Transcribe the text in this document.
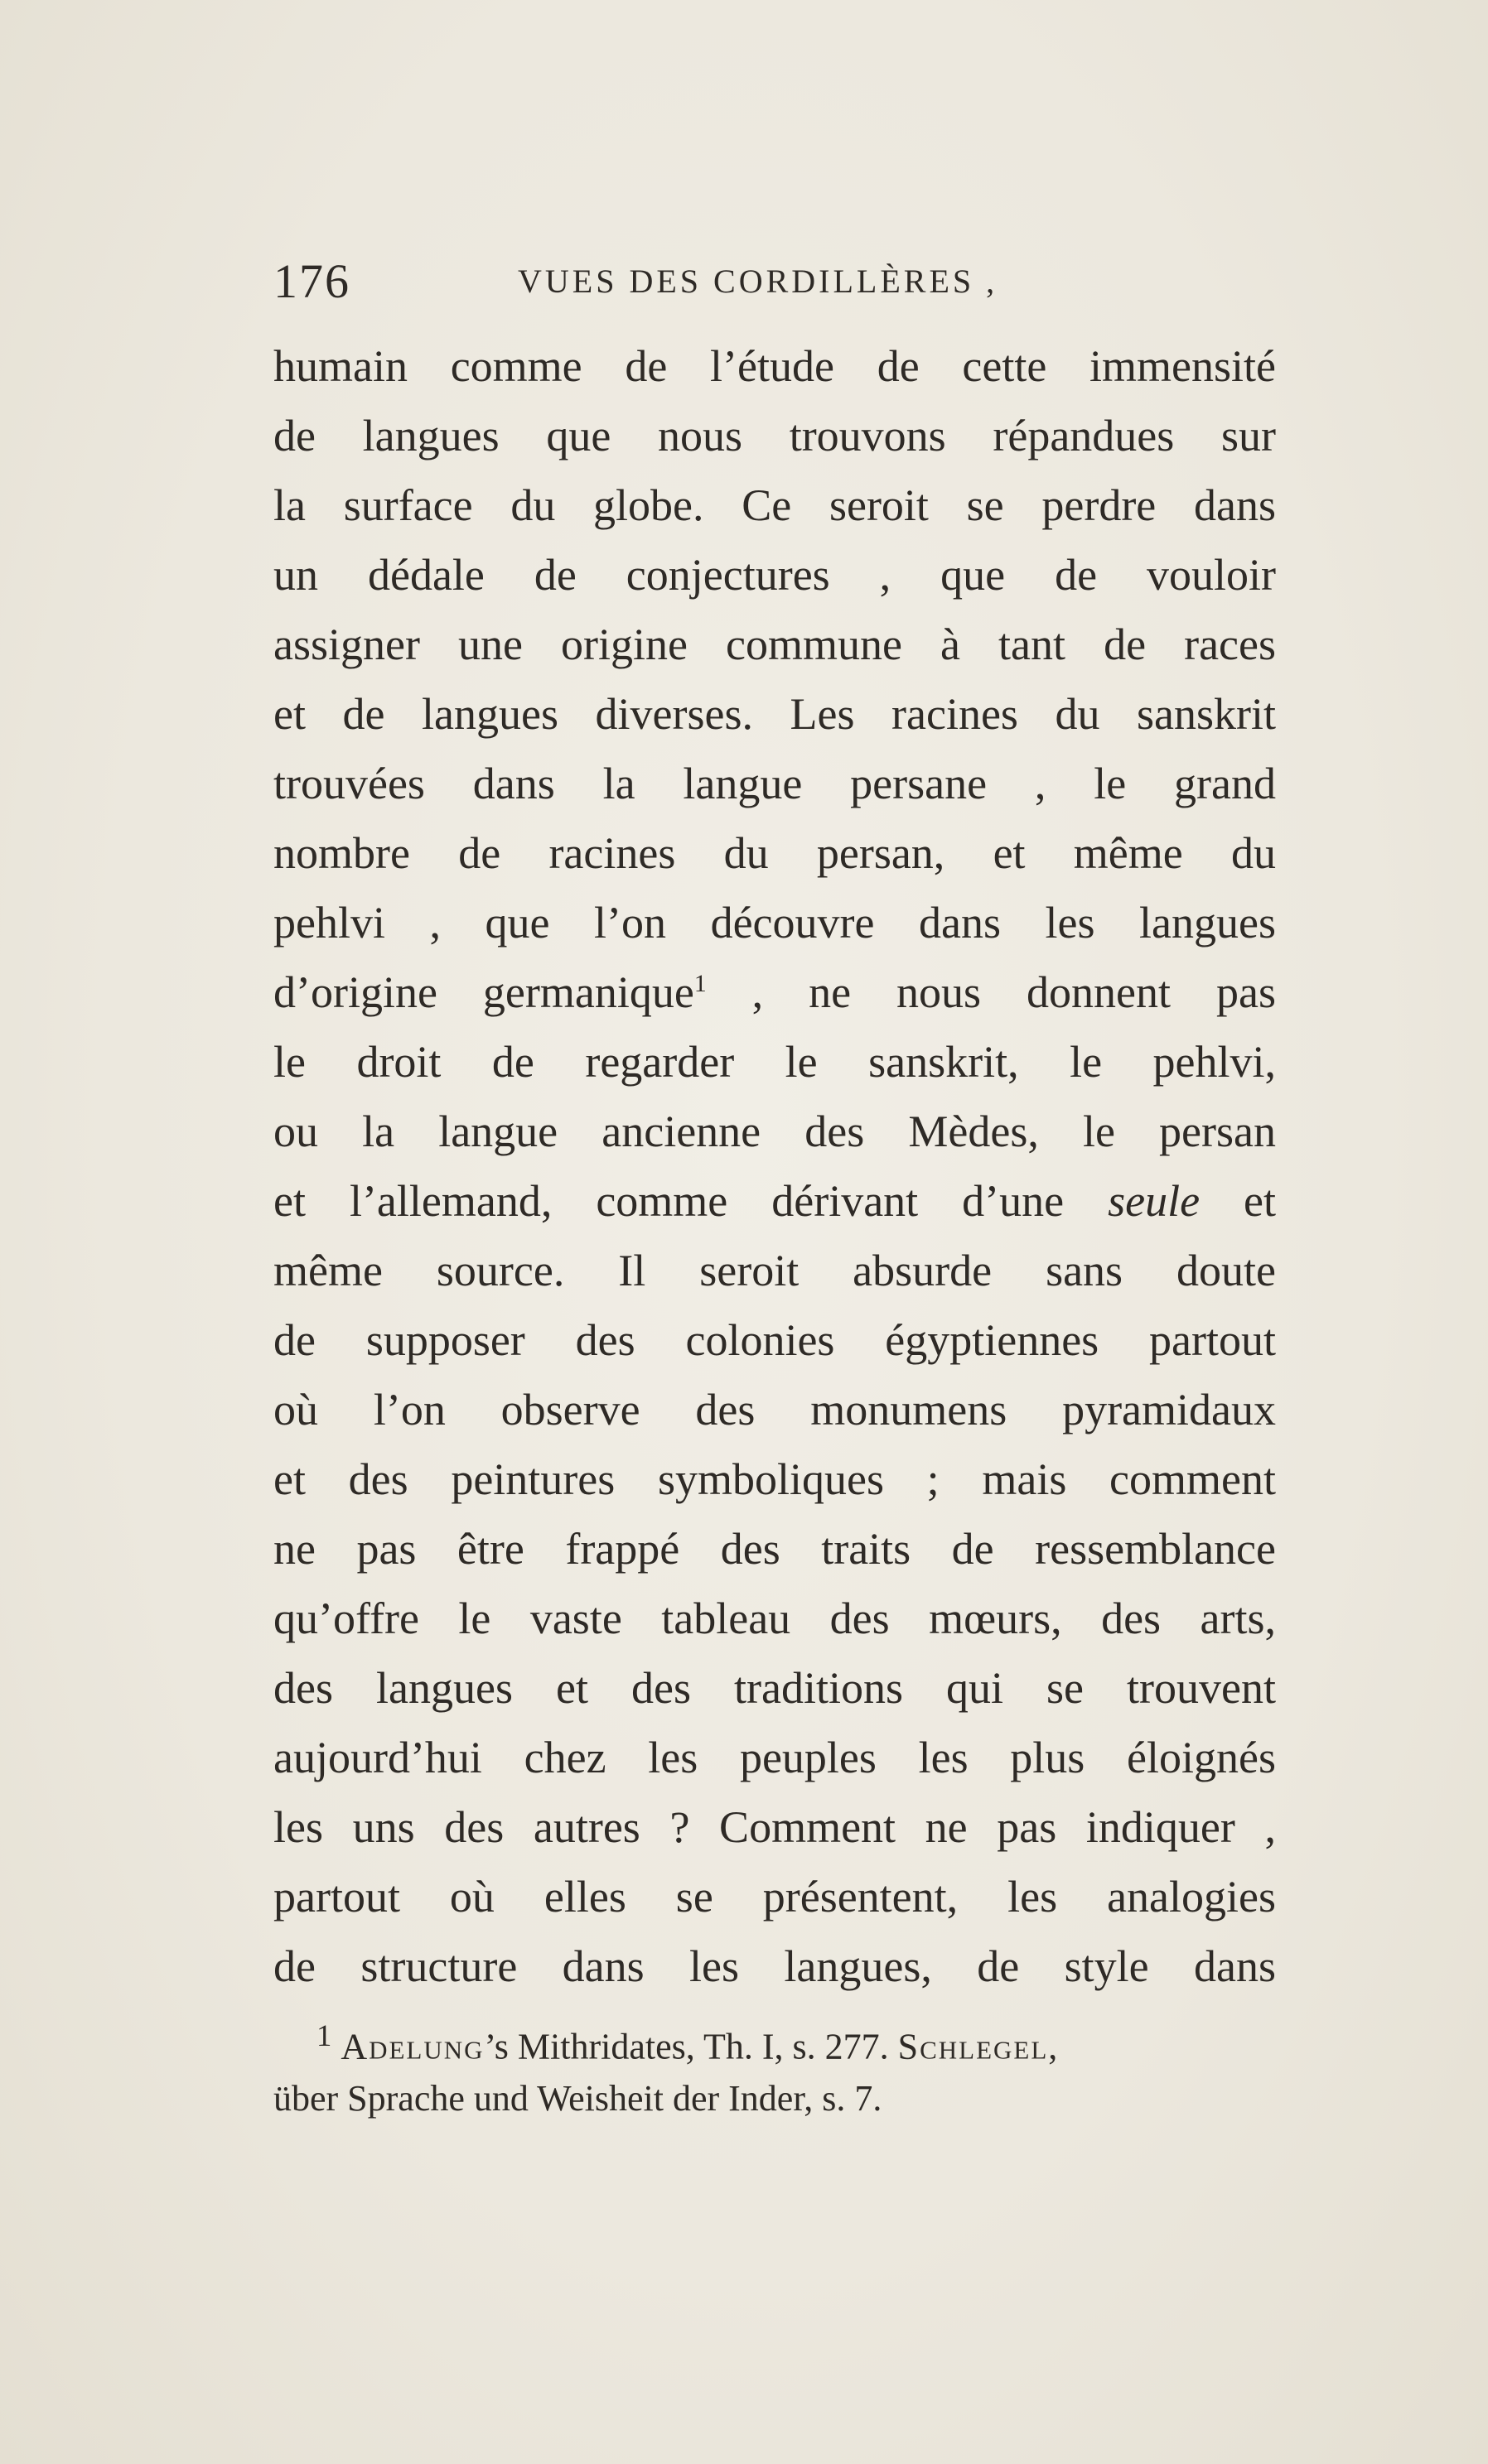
176	VUES DES CORDILLÈRES ,
humain comme de l’étude de cette immensité
de langues que nous trouvons répandues sur
la surface du globe. Ce seroit se perdre dans
un dédale de conjectures , que de vouloir
assigner une origine commune à tant de races
et de langues diverses. Les racines du sanskrit
trouvées dans la langue persane , le grand
nombre de racines du persan, et même du
pehlvi , que l’on découvre dans les langues
d’origine germanique$^1$ , ne nous donnent pas
le droit de regarder le sanskrit, le pehlvi,
ou la langue ancienne des Mèdes, le persan
et l’allemand, comme dérivant d’une seule et
même source. Il seroit absurde sans doute
de supposer des colonies égyptiennes partout
où l’on observe des monumens pyramidaux
et des peintures symboliques ; mais comment
ne pas être frappé des traits de ressemblance
qu’offre le vaste tableau des mœurs, des arts,
des langues et des traditions qui se trouvent
aujourd’hui chez les peuples les plus éloignés
les uns des autres ? Comment ne pas indiquer ,
partout où elles se présentent, les analogies
de structure dans les langues, de style dans
$^1$ Adelung’s Mithridates, Th. I, s. 277. Schlegel,
über Sprache und Weisheit der Inder, s. 7.
